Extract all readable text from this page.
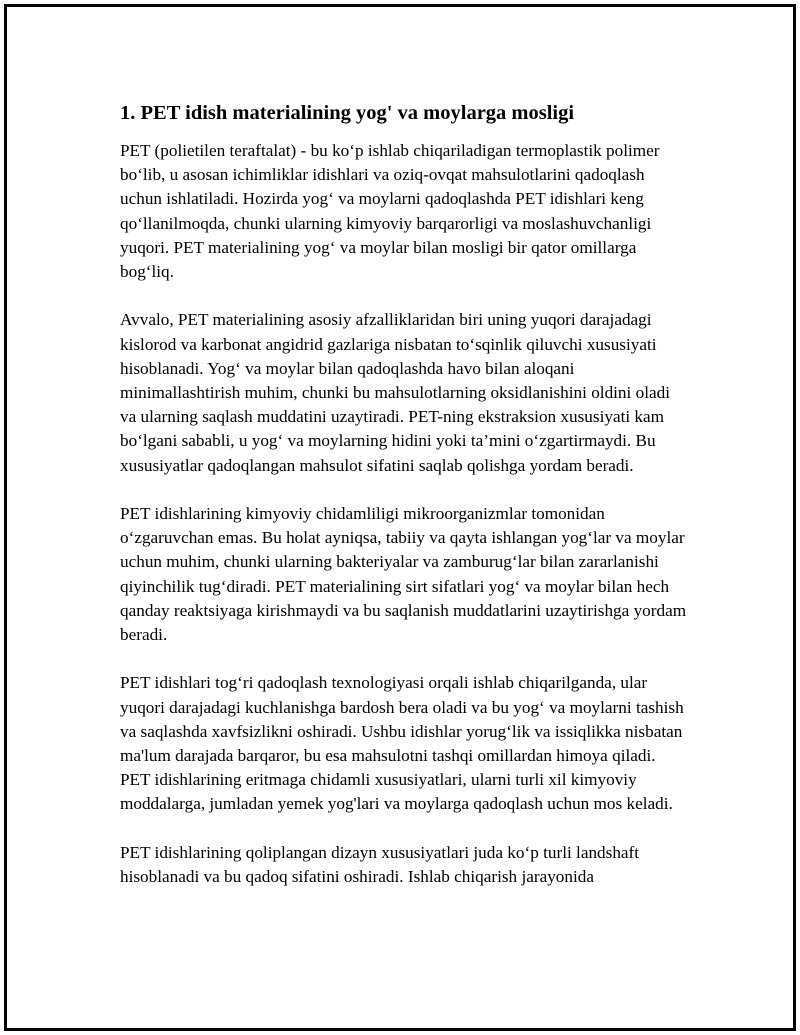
1. PET idish materialining yog' va moylarga mosligi

PET (polietilen teraftalat) - bu ko‘p ishlab chiqariladigan termoplastik polimer bo‘lib, u asosan ichimliklar idishlari va oziq-ovqat mahsulotlarini qadoqlash uchun ishlatiladi. Hozirda yog‘ va moylarni qadoqlashda PET idishlari keng qo‘llanilmoqda, chunki ularning kimyoviy barqarorligi va moslashuvchanligi yuqori. PET materialining yog‘ va moylar bilan mosligi bir qator omillarga bog‘liq.

Avvalo, PET materialining asosiy afzalliklaridan biri uning yuqori darajadagi kislorod va karbonat angidrid gazlariga nisbatan to‘sqinlik qiluvchi xususiyati hisoblanadi. Yog‘ va moylar bilan qadoqlashda havo bilan aloqani minimallashtirish muhim, chunki bu mahsulotlarning oksidlanishini oldini oladi va ularning saqlash muddatini uzaytiradi. PET-ning ekstraksion xususiyati kam bo‘lgani sababli, u yog‘ va moylarning hidini yoki ta’mini o‘zgartirmaydi. Bu xususiyatlar qadoqlangan mahsulot sifatini saqlab qolishga yordam beradi.

PET idishlarining kimyoviy chidamliligi mikroorganizmlar tomonidan o‘zgaruvchan emas. Bu holat ayniqsa, tabiiy va qayta ishlangan yog‘lar va moylar uchun muhim, chunki ularning bakteriyalar va zamburug‘lar bilan zararlanishi qiyinchilik tug‘diradi. PET materialining sirt sifatlari yog‘ va moylar bilan hech qanday reaktsiyaga kirishmaydi va bu saqlanish muddatlarini uzaytirishga yordam beradi.

PET idishlari tog‘ri qadoqlash texnologiyasi orqali ishlab chiqarilganda, ular yuqori darajadagi kuchlanishga bardosh bera oladi va bu yog‘ va moylarni tashish va saqlashda xavfsizlikni oshiradi. Ushbu idishlar yorug‘lik va issiqlikka nisbatan ma'lum darajada barqaror, bu esa mahsulotni tashqi omillardan himoya qiladi. PET idishlarining eritmaga chidamli xususiyatlari, ularni turli xil kimyoviy moddalarga, jumladan yemek yog'lari va moylarga qadoqlash uchun mos keladi.

PET idishlarining qoliplangan dizayn xususiyatlari juda ko‘p turli landshaft hisoblanadi va bu qadoq sifatini oshiradi. Ishlab chiqarish jarayonida
